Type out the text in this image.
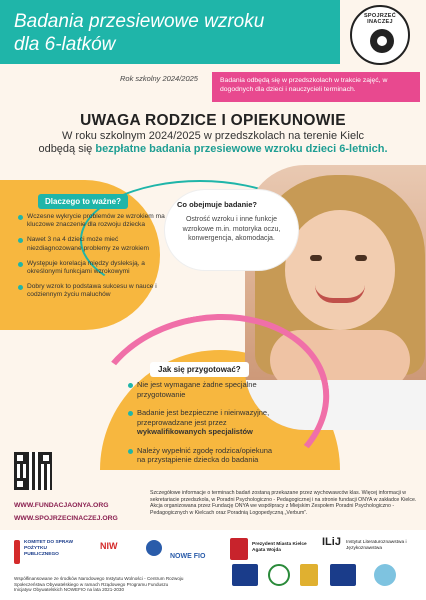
Badania przesiewowe wzroku
dla 6-latków
SPOJRZEĆ INACZEJ
Rok szkolny 2024/2025	Badania odbędą się w przedszkolach w trakcie zajęć, w dogodnych dla dzieci i nauczycieli terminach.
UWAGA RODZICE I OPIEKUNOWIE
W roku szkolnym 2024/2025 w przedszkolach na terenie Kielc
odbędą się bezpłatne badania przesiewowe wzroku dzieci 6-letnich.
Dlaczego to ważne?
Wczesne wykrycie problemów ze wzrokiem ma kluczowe znaczenie dla rozwoju dziecka
Nawet 3 na 4 dzieci może mieć niezdiagnozowane problemy ze wzrokiem
Występuje korelacja między dysleksją, a określonymi funkcjami wzrokowymi
Dobry wzrok to podstawa sukcesu w nauce i codziennym życiu maluchów
Co obejmuje badanie?
Ostrość wzroku i inne funkcje wzrokowe m.in. motoryka oczu, konwergencja, akomodacja.
Jak się przygotować?
Nie jest wymagane żadne specjalne przygotowanie
Badanie jest bezpieczne i nieinwazyjne, przeprowadzane jest przez wykwalifikowanych specjalistów
Należy wypełnić zgodę rodzica/opiekuna na przystąpienie dziecka do badania
WWW.FUNDACJAONYA.ORG
WWW.SPOJRZECINACZEJ.ORG
Szczegółowe informacje o terminach badań zostaną przekazane przez wychowawców klas. Więcej informacji w sekretariacie przedszkola, w Poradni Psychologiczno - Pedagogicznej i na stronie fundacji ONYA w zakładce Kielce. Akcja organizowana przez Fundację ONYA we współpracy z Miejskim Zespołem Poradni Psychologiczno - Pedagogicznych w Kielcach oraz Poradnią Logopedyczną „Verbum”.
KOMITET DO SPRAW POŻYTKU PUBLICZNEGO
NIW
NOWE FIO
Prezydent Miasta Kielce Agata Wojda
ILiJ Instytut Literaturoznawstwa i Językoznawstwa
Współfinansowane ze środków Narodowego Instytutu Wolności - Centrum Rozwoju Społeczeństwa Obywatelskiego w ramach Rządowego Programu Funduszu Inicjatyw Obywatelskich NOWEFIO na lata 2021-2030
